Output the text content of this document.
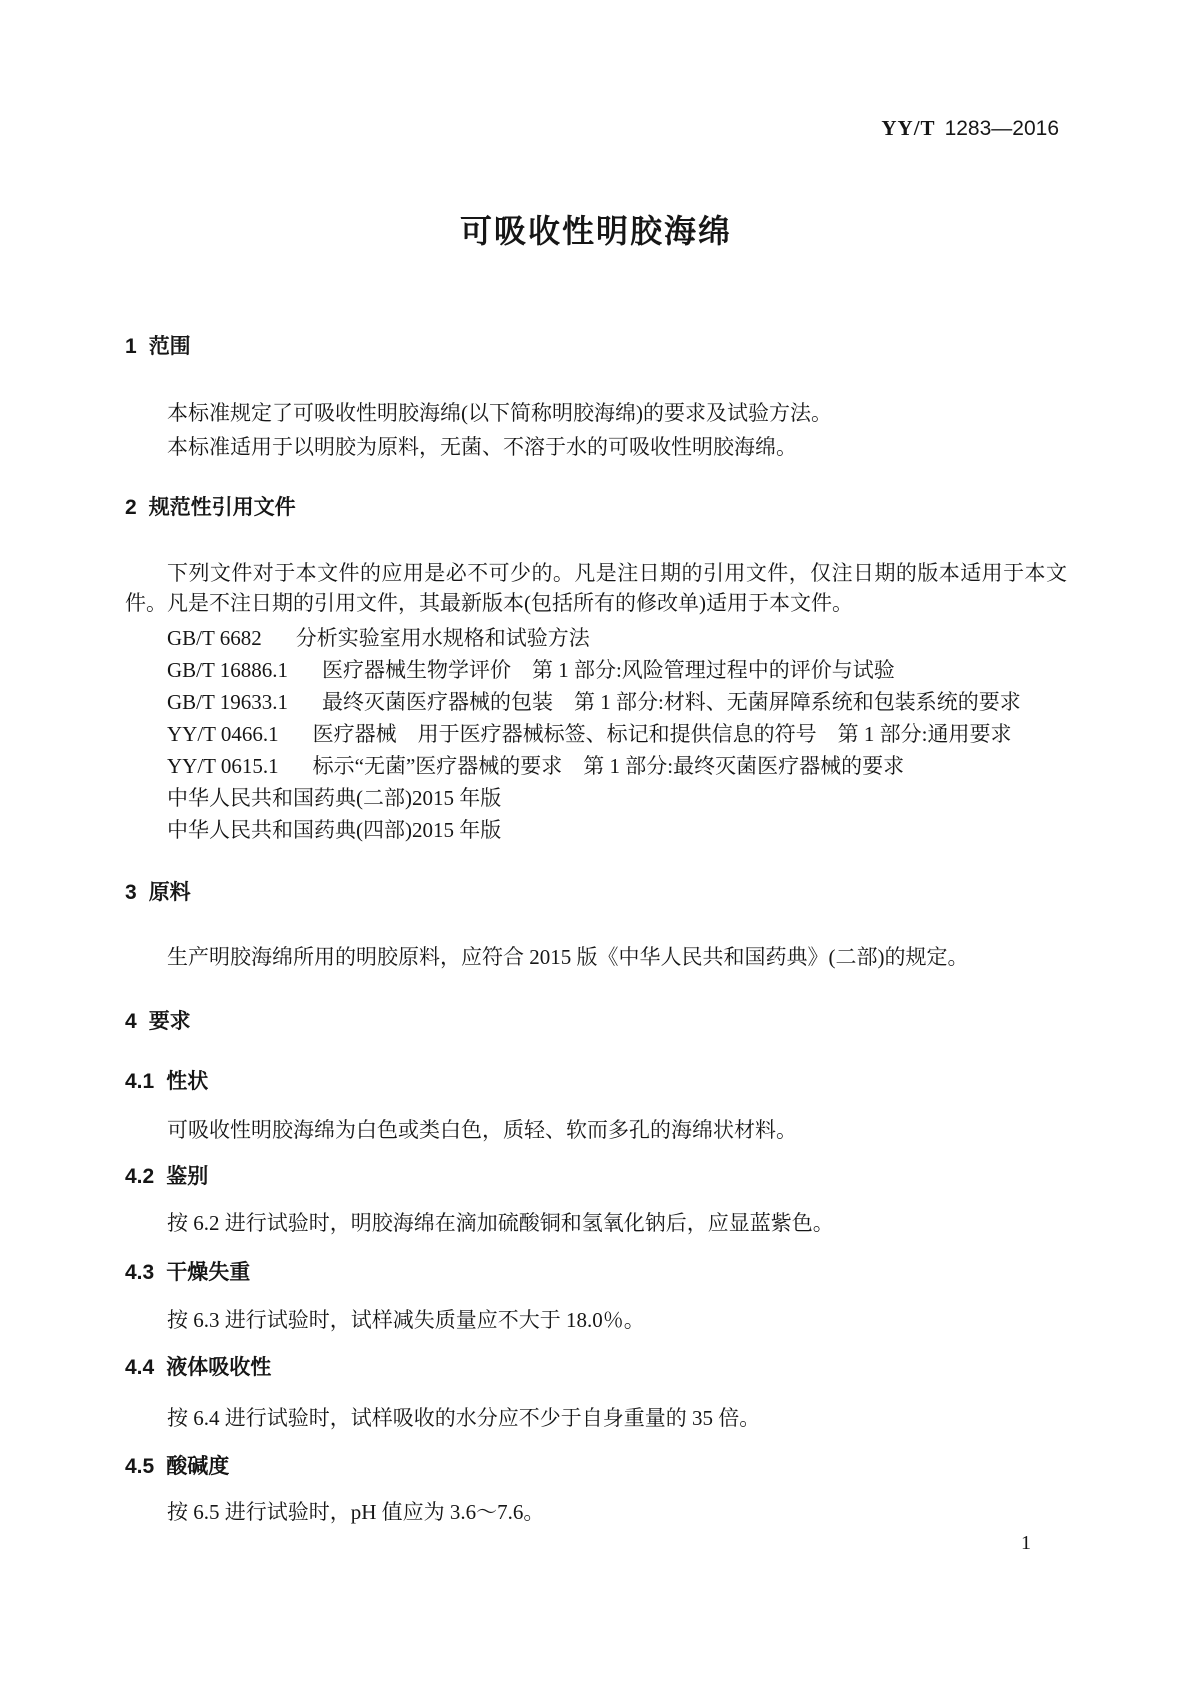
YY/T 1283—2016
可吸收性明胶海绵
1 范围

本标准规定了可吸收性明胶海绵(以下简称明胶海绵)的要求及试验方法。

本标准适用于以明胶为原料，无菌、不溶于水的可吸收性明胶海绵。

2 规范性引用文件

下列文件对于本文件的应用是必不可少的。凡是注日期的引用文件，仅注日期的版本适用于本文件。凡是不注日期的引用文件，其最新版本(包括所有的修改单)适用于本文件。

GB/T 6682 分析实验室用水规格和试验方法
GB/T 16886.1 医疗器械生物学评价 第 1 部分:风险管理过程中的评价与试验
GB/T 19633.1 最终灭菌医疗器械的包装 第 1 部分:材料、无菌屏障系统和包装系统的要求
YY/T 0466.1 医疗器械 用于医疗器械标签、标记和提供信息的符号 第 1 部分:通用要求
YY/T 0615.1 标示“无菌”医疗器械的要求 第 1 部分:最终灭菌医疗器械的要求
中华人民共和国药典(二部)2015 年版
中华人民共和国药典(四部)2015 年版
3 原料

生产明胶海绵所用的明胶原料，应符合 2015 版《中华人民共和国药典》(二部)的规定。

4 要求
4.1 性状

可吸收性明胶海绵为白色或类白色，质轻、软而多孔的海绵状材料。

4.2 鉴别

按 6.2 进行试验时，明胶海绵在滴加硫酸铜和氢氧化钠后，应显蓝紫色。

4.3 干燥失重

按 6.3 进行试验时，试样减失质量应不大于 18.0％。

4.4 液体吸收性

按 6.4 进行试验时，试样吸收的水分应不少于自身重量的 35 倍。

4.5 酸碱度

按 6.5 进行试验时，pH 值应为 3.6～7.6。

1
